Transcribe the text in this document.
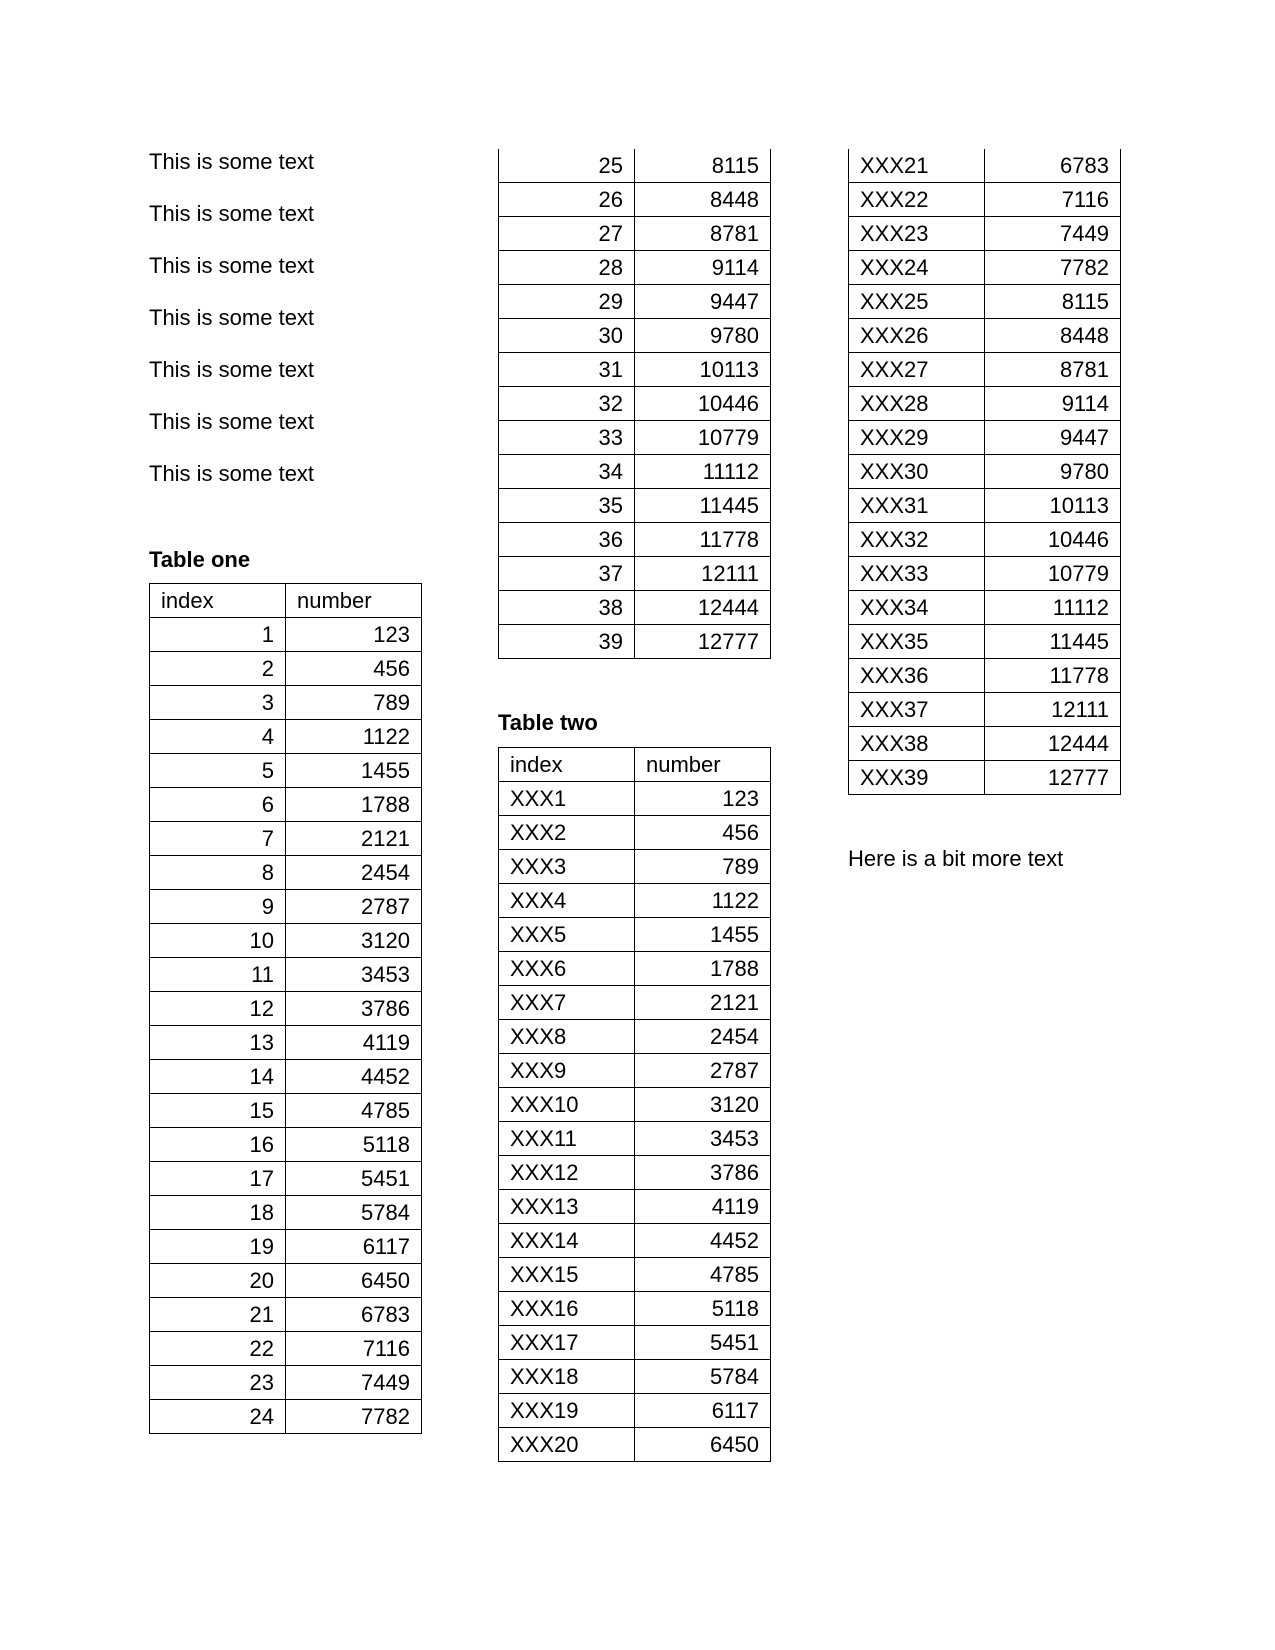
This is some text
This is some text
This is some text
This is some text
This is some text
This is some text
This is some text
Table one
index	number
1	123
2	456
3	789
4	1122
5	1455
6	1788
7	2121
8	2454
9	2787
10	3120
11	3453
12	3786
13	4119
14	4452
15	4785
16	5118
17	5451
18	5784
19	6117
20	6450
21	6783
22	7116
23	7449
24	7782
25	8115
26	8448
27	8781
28	9114
29	9447
30	9780
31	10113
32	10446
33	10779
34	11112
35	11445
36	11778
37	12111
38	12444
39	12777
Table two
index	number
XXX1	123
XXX2	456
XXX3	789
XXX4	1122
XXX5	1455
XXX6	1788
XXX7	2121
XXX8	2454
XXX9	2787
XXX10	3120
XXX11	3453
XXX12	3786
XXX13	4119
XXX14	4452
XXX15	4785
XXX16	5118
XXX17	5451
XXX18	5784
XXX19	6117
XXX20	6450
XXX21	6783
XXX22	7116
XXX23	7449
XXX24	7782
XXX25	8115
XXX26	8448
XXX27	8781
XXX28	9114
XXX29	9447
XXX30	9780
XXX31	10113
XXX32	10446
XXX33	10779
XXX34	11112
XXX35	11445
XXX36	11778
XXX37	12111
XXX38	12444
XXX39	12777
Here is a bit more text
